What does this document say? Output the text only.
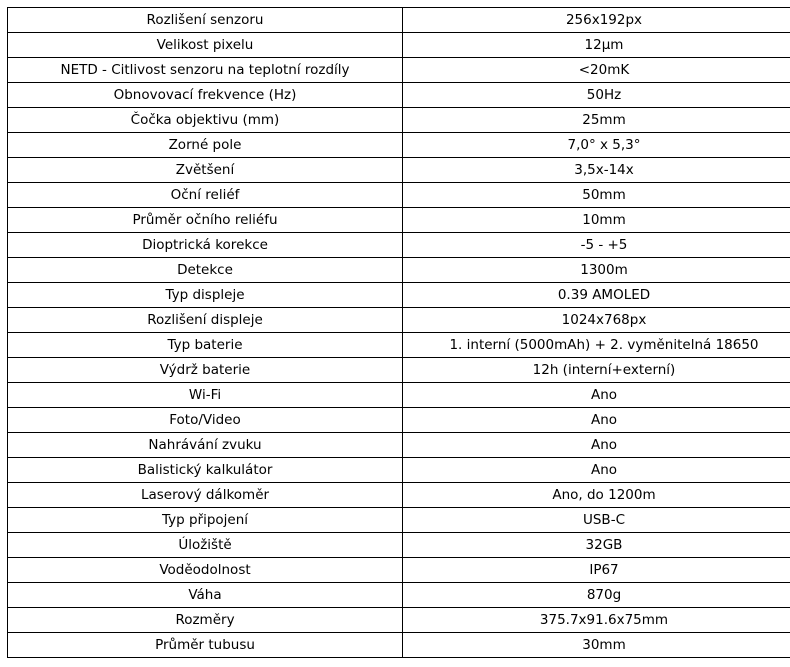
Rozlišení senzoru	256x192px
Velikost pixelu	12µm
NETD - Citlivost senzoru na teplotní rozdíly	<20mK
Obnovovací frekvence (Hz)	50Hz
Čočka objektivu (mm)	25mm
Zorné pole	7,0° x 5,3°
Zvětšení	3,5x-14x
Oční reliéf	50mm
Průměr očního reliéfu	10mm
Dioptrická korekce	-5 - +5
Detekce	1300m
Typ displeje	0.39 AMOLED
Rozlišení displeje	1024x768px
Typ baterie	1. interní (5000mAh) + 2. vyměnitelná 18650
Výdrž baterie	12h (interní+externí)
Wi-Fi	Ano
Foto/Video	Ano
Nahrávání zvuku	Ano
Balistický kalkulátor	Ano
Laserový dálkoměr	Ano, do 1200m
Typ připojení	USB-C
Úložiště	32GB
Voděodolnost	IP67
Váha	870g
Rozměry	375.7x91.6x75mm
Průměr tubusu	30mm
